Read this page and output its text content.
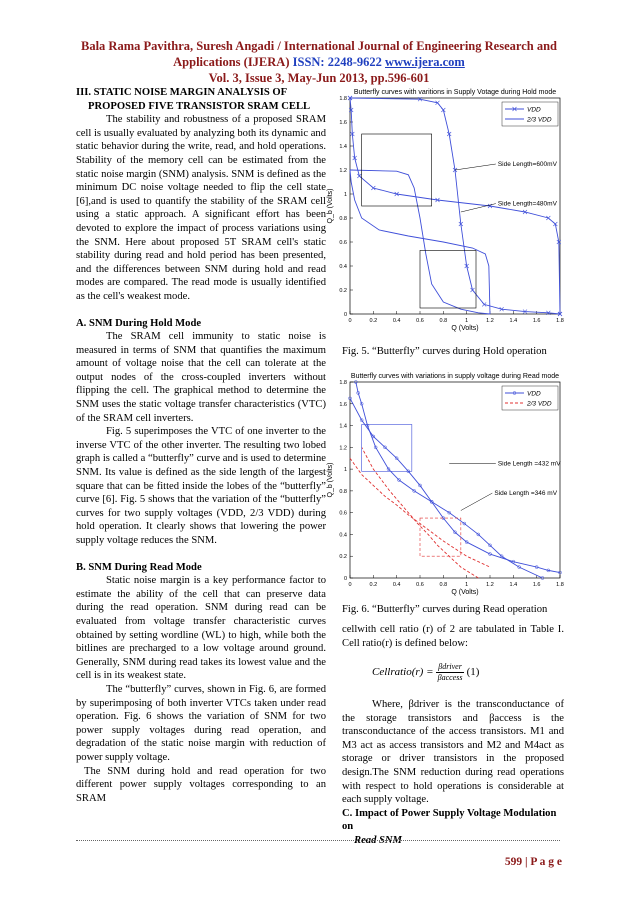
Bala Rama Pavithra, Suresh Angadi / International Journal of Engineering Research and
Applications (IJERA) ISSN: 2248-9622 www.ijera.com
Vol. 3, Issue 3, May-Jun 2013, pp.596-601

III. STATIC NOISE MARGIN ANALYSIS OF

PROPOSED FIVE TRANSISTOR SRAM CELL

The stability and robustness of a proposed SRAM cell is usually evaluated by analyzing both its dynamic and static behavior during the write, read, and hold operations. Stability of the memory cell can be estimated from the static noise margin (SNM) analysis. SNM is defined as the minimum DC noise voltage needed to flip the cell state [6],and is used to quantify the stability of the SRAM cell using a static approach. A significant effort has been devoted to explore the impact of process variations using the SNM. Here about proposed 5T SRAM cell's static stability during read and hold period has been presented, and the differences between SNM during hold and read modes are compared. The read mode is usually identified as the cell's weakest mode.

A. SNM During Hold Mode

The SRAM cell immunity to static noise is measured in terms of SNM that quantifies the maximum amount of voltage noise that the cell can tolerate at the output nodes of the cross-coupled inverters without flipping the cell. The graphical method to determine the SNM uses the static voltage transfer characteristics (VTC) of the SRAM cell inverters.

Fig. 5 superimposes the VTC of one inverter to the inverse VTC of the other inverter. The resulting two lobed graph is called a “butterfly” curve and is used to determine SNM. Its value is defined as the side length of the largest square that can be fitted inside the lobes of the “butterfly” curve [6]. Fig. 5 shows that the variation of the “butterfly” curves for two supply voltages (VDD, 2/3 VDD) during hold operation. It clearly shows that lowering the power supply voltage reduces the SNM.

B. SNM During Read Mode

Static noise margin is a key performance factor to estimate the ability of the cell that can preserve data during the read operation. SNM during read can be evaluated from voltage transfer characteristic curves obtained by setting wordline (WL) to high, while both the bitlines are precharged to a low voltage around ground. Generally, SNM during read takes its lowest value and the cell is in its weakest state.

The “butterfly” curves, shown in Fig. 6, are formed by superimposing of both inverter VTCs taken under read operation. Fig. 6 shows the variation of SNM for two power supply voltages during read operation, and degradation of the static noise margin with reduction of power supply voltage.

The SNM during hold and read operation for two different power supply voltages corresponding to an SRAM

Butterfly curves with varitions in Supply Votage during Hold mode
0	0.2	0.4	0.6	0.8	1	1.2	1.4	1.6	1.8
0
0.2
0.4
0.6
0.8
1
1.2
1.4
1.6
1.8
Q (Volts)
Q_b (Volts)
Side Length=600mV
Side Length=480mV
VDD
2/3 VDD
Fig. 5. “Butterfly” curves during Hold operation
Butterfly curves with variations in supply voltage during Read mode
0	0.2	0.4	0.6	0.8	1	1.2	1.4	1.6	1.8
0
0.2
0.4
0.6
0.8
1
1.2
1.4
1.6
1.8
Q (Volts)
Q_b (Volts)	Side Length =432 mV
Side Length =346 mV
VDD
2/3 VDD
Fig. 6. “Butterfly” curves during Read operation

cellwith cell ratio (r) of 2 are tabulated in Table I. Cell ratio(r) is defined below:

Cellratio(r) = $\frac{\text{βdriver}}{\text{βaccess}} (1)$

Where, βdriver is the transconductance of the storage transistors and βaccess is the transconductance of the access transistors. M1 and M3 act as access transistors and M2 and M4act as storage or driver transistors in the proposed design.The SNM reduction during read operations with respect to hold operations is considerable at each supply voltage.

C. Impact of Power Supply Voltage Modulation on

Read SNM

599 | P a g e
